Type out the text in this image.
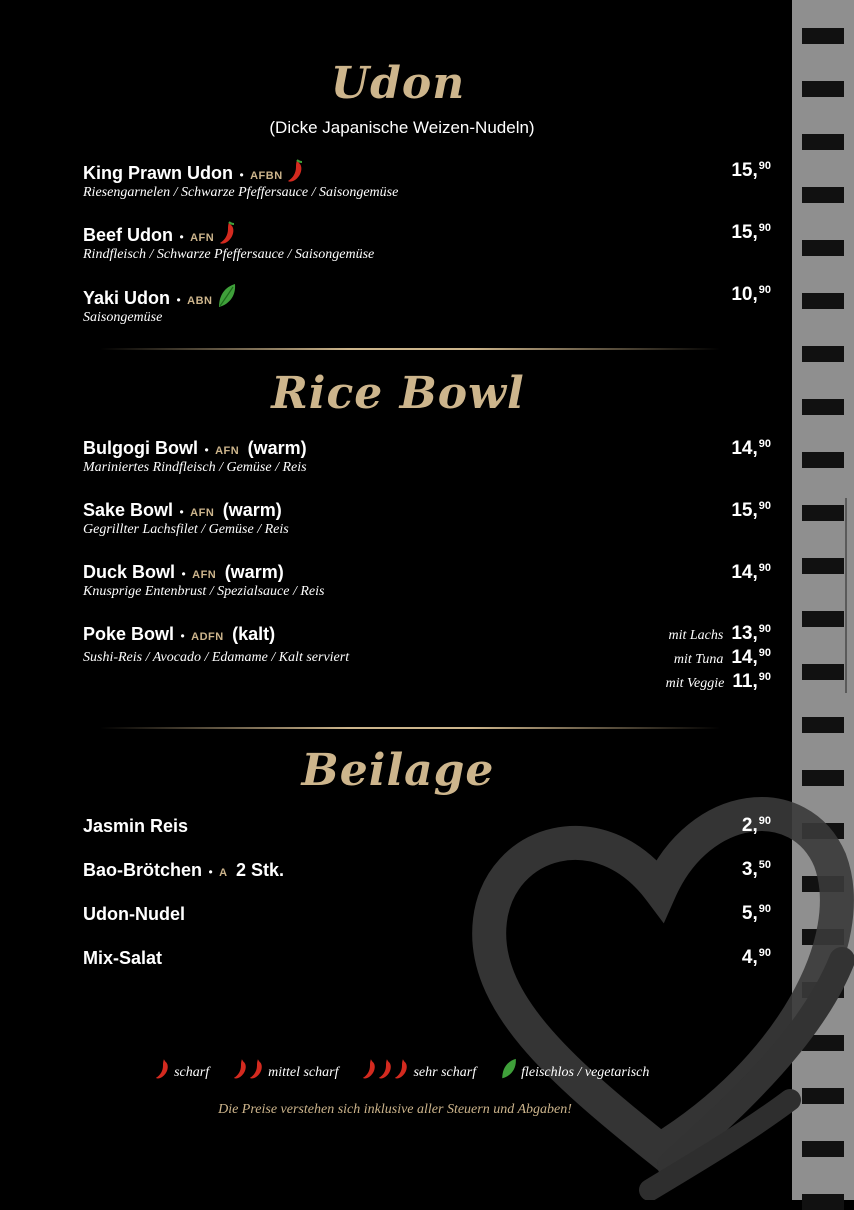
Udon
(Dicke Japanische Weizen-Nudeln)
King Prawn Udon • AFBN
Riesengarnelen / Schwarze Pfeffersauce / Saisongemüse
15,90
Beef Udon • AFN
Rindfleisch / Schwarze Pfeffersauce / Saisongemüse
15,90
Yaki Udon • ABN
Saisongemüse
10,90
Rice Bowl
Bulgogi Bowl • AFN (warm)
Mariniertes Rindfleisch / Gemüse / Reis
14,90
Sake Bowl • AFN (warm)
Gegrillter Lachsfilet / Gemüse / Reis
15,90
Duck Bowl • AFN (warm)
Knusprige Entenbrust / Spezialsauce / Reis
14,90
Poke Bowl • ADFN (kalt)
Sushi-Reis / Avocado / Edamame / Kalt serviert
mit Lachs 13,90
mit Tuna 14,90
mit Veggie 11,90
Beilage
Jasmin Reis	2,90
Bao-Brötchen • A 2 Stk.	3,50
Udon-Nudel	5,90
Mix-Salat	4,90
scharf	mittel scharf	sehr scharf	fleischlos / vegetarisch
Die Preise verstehen sich inklusive aller Steuern und Abgaben!
